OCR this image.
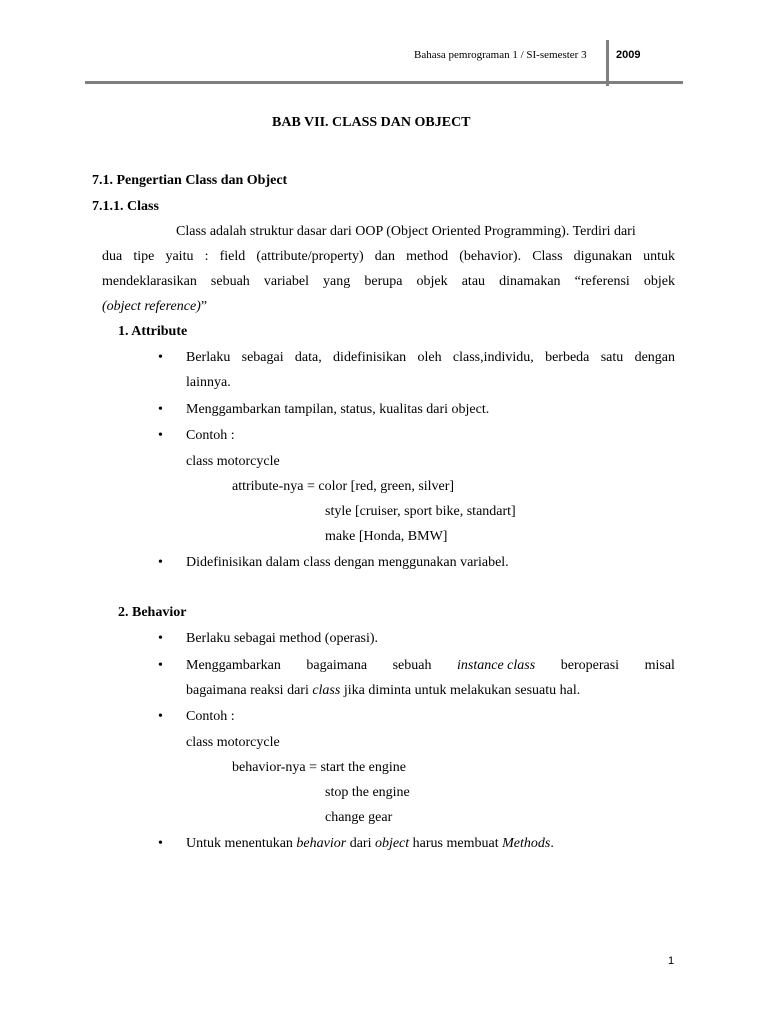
Bahasa pemrograman 1 / SI-semester 3	2009
BAB VII. CLASS DAN OBJECT
7.1. Pengertian Class dan Object
7.1.1. Class
Class adalah struktur dasar dari OOP (Object Oriented Programming). Terdiri dari
dua tipe yaitu : field (attribute/property) dan method (behavior). Class digunakan untuk
mendeklarasikan sebuah variabel yang berupa objek atau dinamakan “referensi objek
(object reference)”
1. Attribute
• Berlaku sebagai data, didefinisikan oleh class,individu, berbeda satu dengan
lainnya.
• Menggambarkan tampilan, status, kualitas dari object.
• Contoh :
class motorcycle
attribute-nya = color [red, green, silver]
style [cruiser, sport bike, standart]
make [Honda, BMW]
• Didefinisikan dalam class dengan menggunakan variabel.
2. Behavior
• Berlaku sebagai method (operasi).
• Menggambarkan bagaimana sebuah instance class beroperasi misal
bagaimana reaksi dari class jika diminta untuk melakukan sesuatu hal.
• Contoh :
class motorcycle
behavior-nya = start the engine
stop the engine
change gear
• Untuk menentukan behavior dari object harus membuat Methods.
1
